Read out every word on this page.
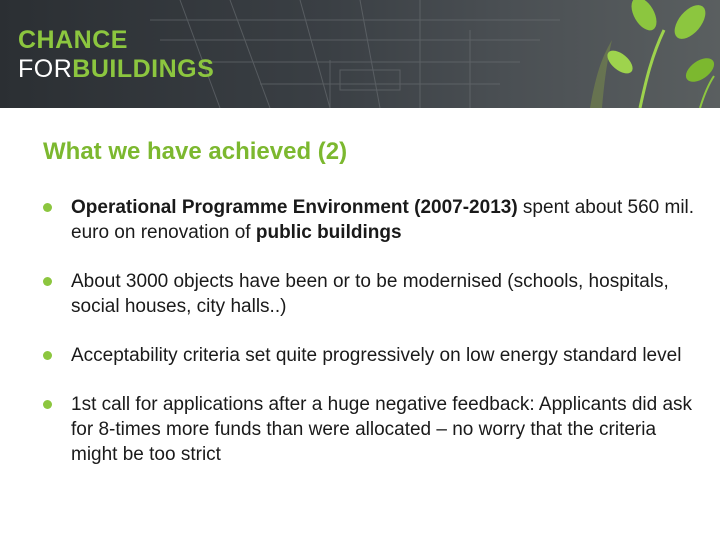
CHANCE
FORBUILDINGS
What we have achieved (2)
Operational Programme Environment (2007-2013) spent about 560 mil. euro on renovation of public buildings
About 3000 objects have been or to be modernised (schools, hospitals, social houses, city halls..)
Acceptability criteria set quite progressively on low energy standard level
1st call for applications after a huge negative feedback: Applicants did ask for 8-times more funds than were allocated – no worry that the criteria might be too strict
